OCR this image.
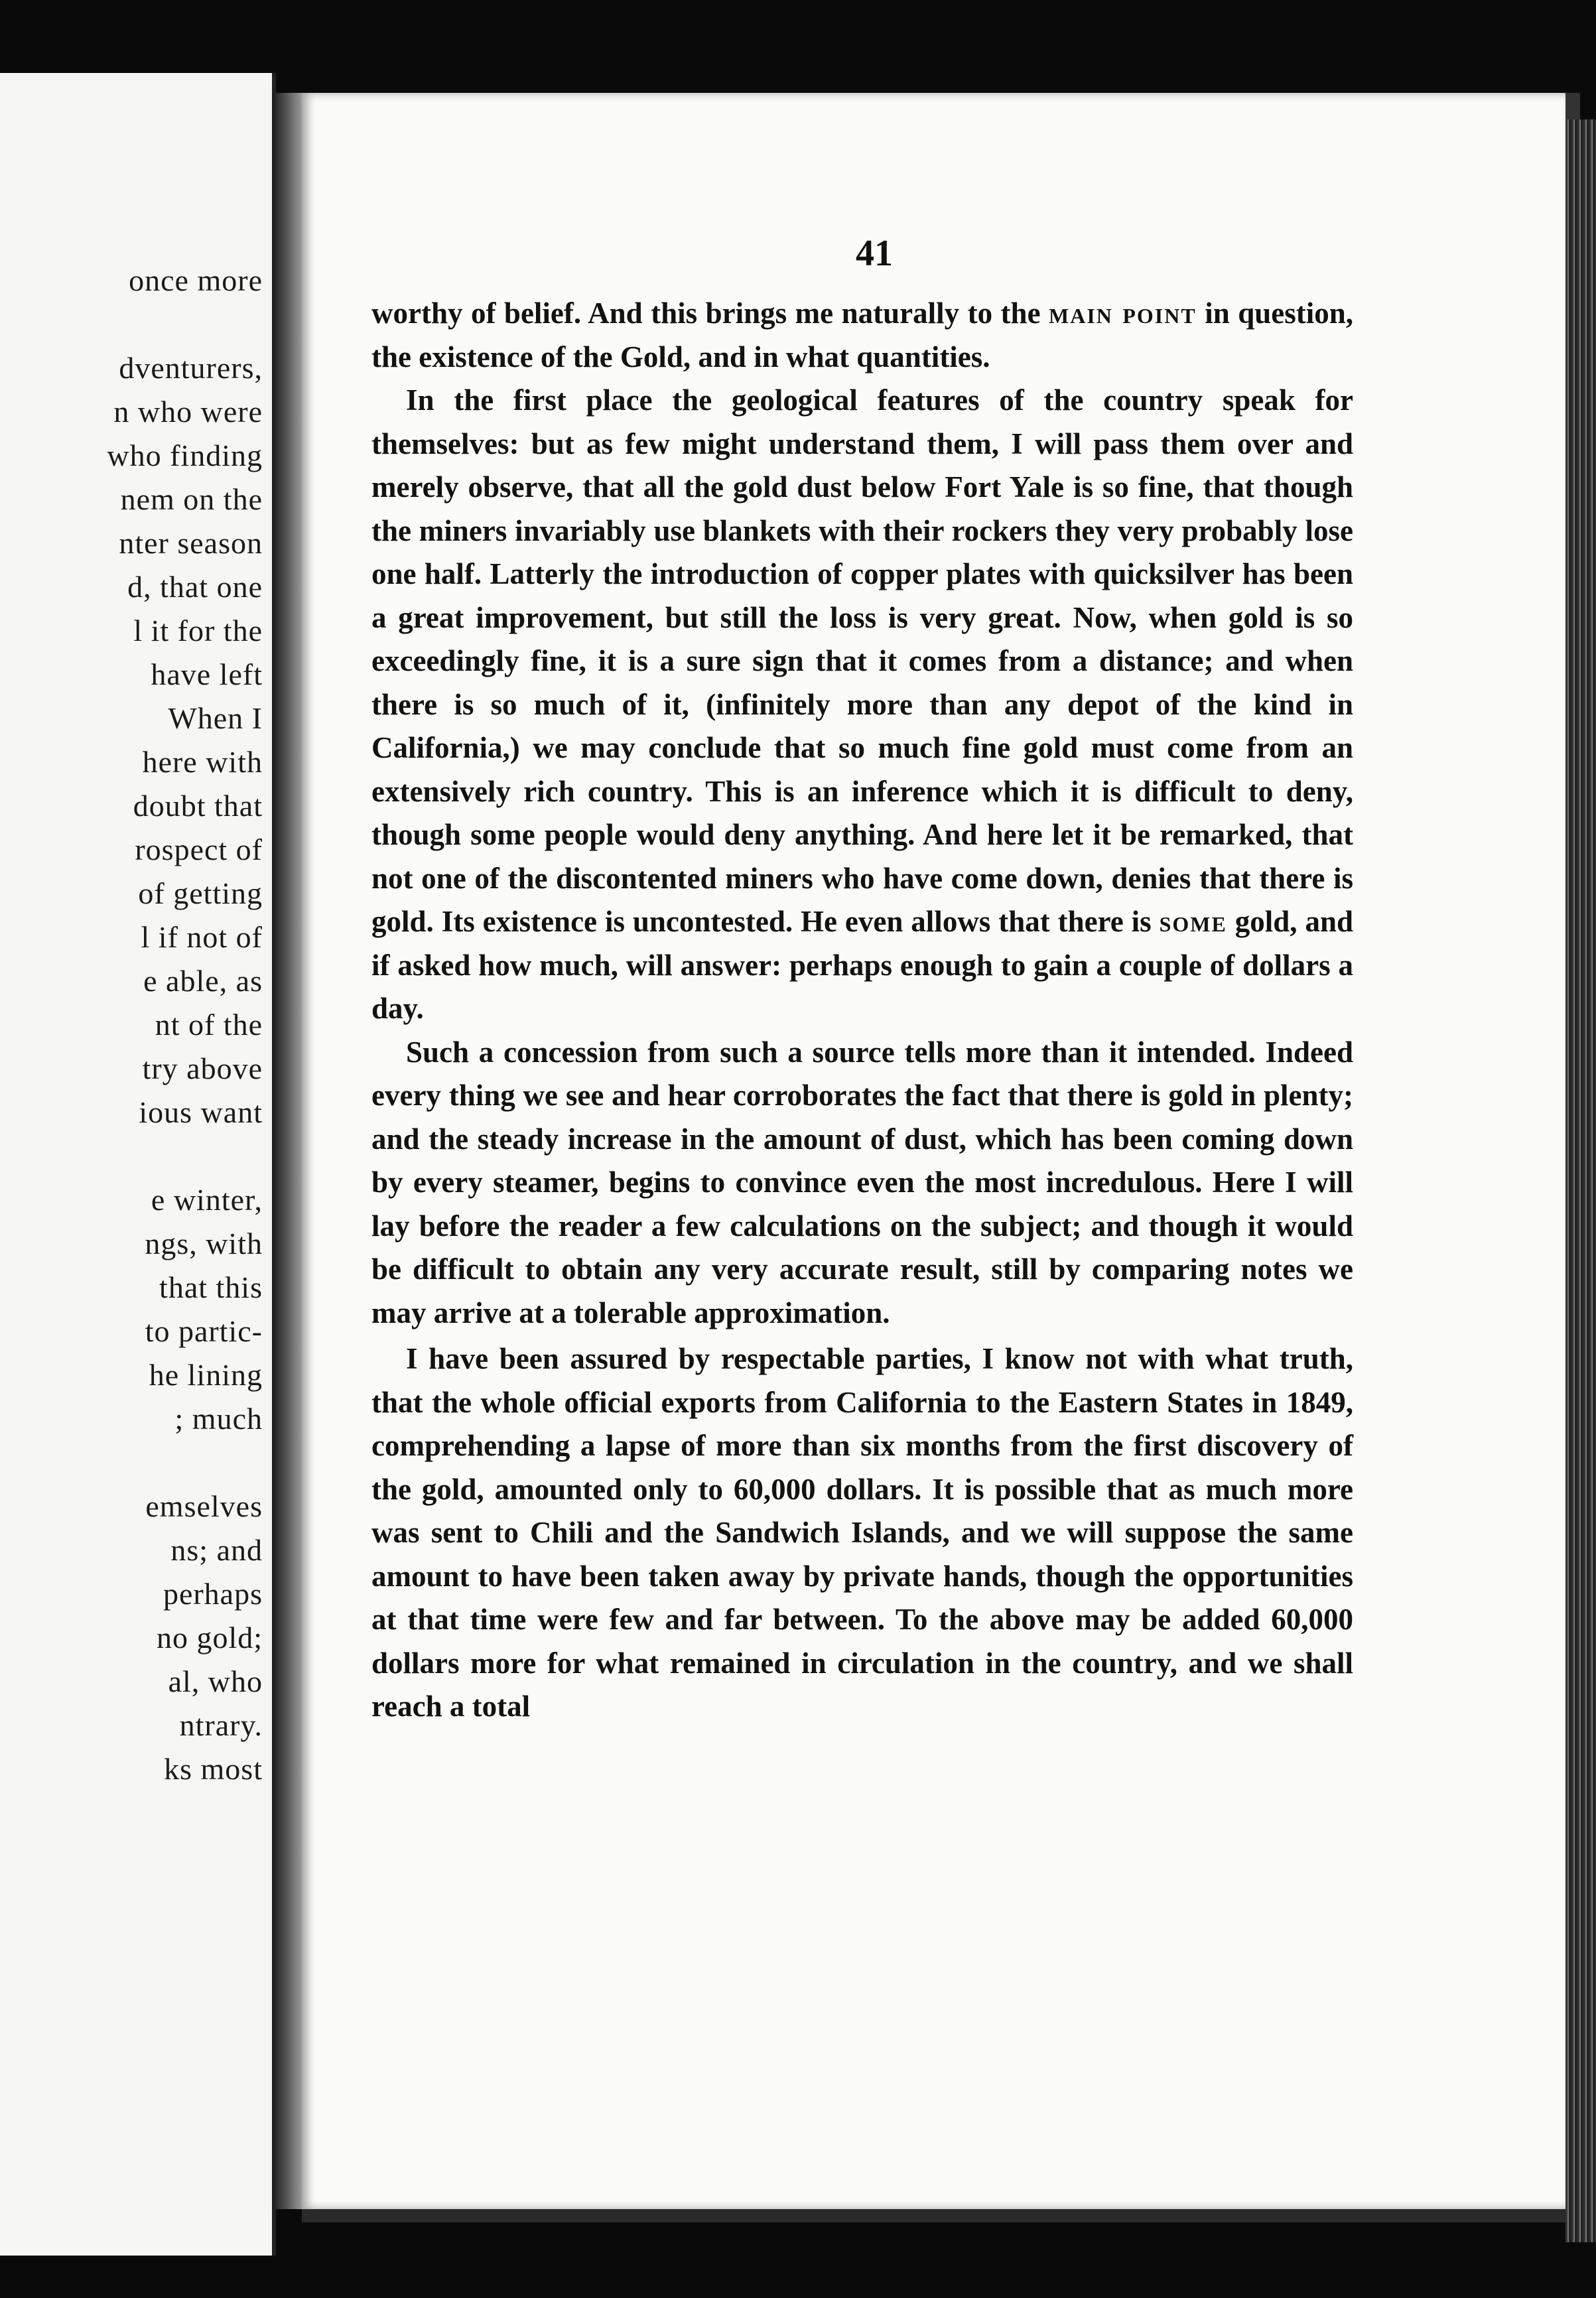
once more
dventurers,
n who were
who finding
nem on the
nter season
d, that one
l it for the
have left
When I
here with
doubt that
rospect of
of getting
l if not of
e able, as
nt of the
try above
ious want
e winter,
ngs, with
that this
to partic-
he lining
; much
emselves
ns; and
perhaps
no gold;
al, who
ntrary.
ks most
41

worthy of belief. And this brings me naturally to the main point in question, the existence of the Gold, and in what quantities.

In the first place the geological features of the country speak for themselves: but as few might understand them, I will pass them over and merely observe, that all the gold dust below Fort Yale is so fine, that though the miners invariably use blankets with their rockers they very probably lose one half. Latterly the introduction of copper plates with quicksilver has been a great improvement, but still the loss is very great. Now, when gold is so exceedingly fine, it is a sure sign that it comes from a distance; and when there is so much of it, (infinitely more than any depot of the kind in California,) we may conclude that so much fine gold must come from an extensively rich country. This is an inference which it is difficult to deny, though some people would deny anything. And here let it be remarked, that not one of the discontented miners who have come down, denies that there is gold. Its existence is uncontested. He even allows that there is some gold, and if asked how much, will answer: perhaps enough to gain a couple of dollars a day.

Such a concession from such a source tells more than it intended. Indeed every thing we see and hear corroborates the fact that there is gold in plenty; and the steady increase in the amount of dust, which has been coming down by every steamer, begins to convince even the most incredulous. Here I will lay before the reader a few calculations on the subject; and though it would be difficult to obtain any very accurate result, still by comparing notes we may arrive at a tolerable approximation.

I have been assured by respectable parties, I know not with what truth, that the whole official exports from California to the Eastern States in 1849, comprehending a lapse of more than six months from the first discovery of the gold, amounted only to 60,000 dollars. It is possible that as much more was sent to Chili and the Sandwich Islands, and we will suppose the same amount to have been taken away by private hands, though the opportunities at that time were few and far between. To the above may be added 60,000 dollars more for what remained in circulation in the country, and we shall reach a total
